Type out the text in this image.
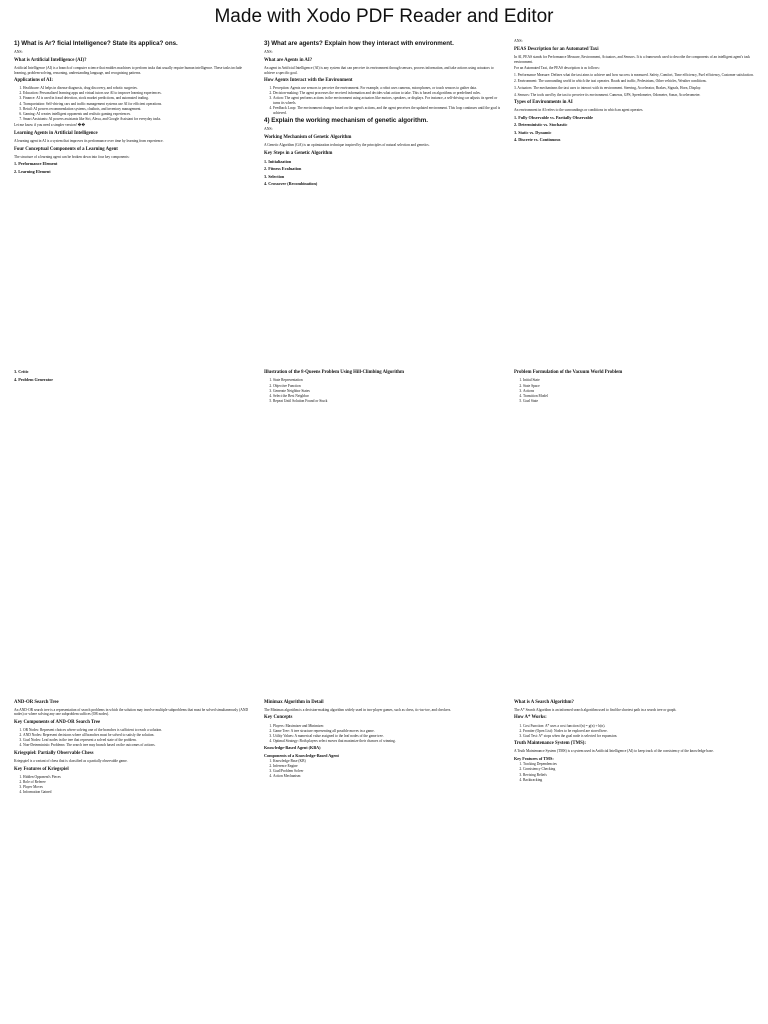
Made with Xodo PDF Reader and Editor
1) What is Ar? ficial Intelligence? State its applica? ons.

ANS:

What is Artificial Intelligence (AI)?

Artificial Intelligence (AI) is a branch of computer science that enables machines to perform tasks that usually require human intelligence. These tasks include learning, problem-solving, reasoning, understanding language, and recognizing patterns.

Applications of AI:
1. Healthcare: AI helps in disease diagnosis, drug discovery, and robotic surgeries.
2. Education: Personalized learning apps and virtual tutors use AI to improve learning experiences.
3. Finance: AI is used in fraud detection, stock market predictions, and automated trading.
4. Transportation: Self-driving cars and traffic management systems use AI for efficient operations.
5. Retail: AI powers recommendation systems, chatbots, and inventory management.
6. Gaming: AI creates intelligent opponents and realistic gaming experiences.
7. Smart Assistants: AI powers assistants like Siri, Alexa, and Google Assistant for everyday tasks.

Let me know if you need a simpler version! ��

Learning Agents in Artificial Intelligence

A learning agent in AI is a system that improves its performance over time by learning from experience.

Four Conceptual Components of a Learning Agent

The structure of a learning agent can be broken down into four key components:

1. Performance Element
2. Learning Element
3) What are agents? Explain how they interact with environment.

ANS:

What are Agents in AI?

An agent in Artificial Intelligence (AI) is any system that can perceive its environment through sensors, process information, and take actions using actuators to achieve a specific goal.

How Agents Interact with the Environment
1. Perception: Agents use sensors to perceive the environment. For example, a robot uses cameras, microphones, or touch sensors to gather data.
2. Decision-making: The agent processes the received information and decides what action to take. This is based on algorithms or predefined rules.
3. Action: The agent performs actions in the environment using actuators like motors, speakers, or displays. For instance, a self-driving car adjusts its speed or turns its wheels.
4. Feedback Loop: The environment changes based on the agent's actions, and the agent perceives the updated environment. This loop continues until the goal is achieved.
4) Explain the working mechanism of genetic algorithm.

ANS:

Working Mechanism of Genetic Algorithm

A Genetic Algorithm (GA) is an optimization technique inspired by the principles of natural selection and genetics.

Key Steps in a Genetic Algorithm
1. Initialization
2. Fitness Evaluation
3. Selection
4. Crossover (Recombination)

ANS:

PEAS Description for an Automated Taxi

In AI, PEAS stands for Performance Measure, Environment, Actuators, and Sensors. It is a framework used to describe the components of an intelligent agent's task environment.

For an Automated Taxi, the PEAS description is as follows:

1. Performance Measure: Defines what the taxi aims to achieve and how success is measured. Safety, Comfort, Time efficiency, Fuel efficiency, Customer satisfaction.

2. Environment: The surrounding world in which the taxi operates. Roads and traffic, Pedestrians, Other vehicles, Weather conditions.

3. Actuators: The mechanisms the taxi uses to interact with its environment. Steering, Accelerator, Brakes, Signals, Horn, Display.

4. Sensors: The tools used by the taxi to perceive its environment. Cameras, GPS, Speedometer, Odometer, Sonar, Accelerometer.

Types of Environments in AI

An environment in AI refers to the surroundings or conditions in which an agent operates.

1. Fully Observable vs. Partially Observable
2. Deterministic vs. Stochastic
3. Static vs. Dynamic
4. Discrete vs. Continuous
3. Critic
4. Problem Generator
Illustration of the 8-Queens Problem Using Hill-Climbing Algorithm
1. State Representation
2. Objective Function
3. Generate Neighbor States
4. Select the Best Neighbor
5. Repeat Until Solution Found or Stuck
Problem Formulation of the Vacuum World Problem
1. Initial State
2. State Space
3. Actions
4. Transition Model
5. Goal State
AND-OR Search Tree

An AND-OR search tree is a representation of search problems in which the solution may involve multiple subproblems that must be solved simultaneously (AND nodes) or where solving any one subproblem suffices (OR nodes).

Key Components of AND-OR Search Tree
1. OR Nodes: Represent choices where solving one of the branches is sufficient to reach a solution.
2. AND Nodes: Represent decisions where all branches must be solved to satisfy the solution.
3. Goal Nodes: Leaf nodes in the tree that represent a solved state of the problem.
4. Non-Deterministic Problems: The search tree may branch based on the outcomes of actions.
Kriegspiel: Partially Observable Chess

Kriegspiel is a variant of chess that is classified as a partially observable game.

Key Features of Kriegspiel
1. Hidden Opponent's Pieces
2. Role of Referee
3. Player Moves
4. Information Gained
Minimax Algorithm in Detail

The Minimax algorithm is a decision-making algorithm widely used in two-player games, such as chess, tic-tac-toe, and checkers.

Key Concepts
1. Players: Maximizer and Minimizer.
2. Game Tree: A tree structure representing all possible moves in a game.
3. Utility Values: A numerical value assigned to the leaf nodes of the game tree.
4. Optimal Strategy: Both players select moves that maximize their chances of winning.
Knowledge-Based Agent (KBA)
Components of a Knowledge-Based Agent
1. Knowledge Base (KB)
2. Inference Engine
3. Goal/Problem Solver
4. Action Mechanism
What is A Search Algorithm?

The A* Search Algorithm is an informed search algorithm used to find the shortest path in a search tree or graph.

How A* Works:
1. Cost Function: A* uses a cost function f(n) = g(n) + h(n).
2. Frontier (Open List): Nodes to be explored are stored here.
3. Goal Test: A* stops when the goal node is selected for expansion.
Truth Maintenance System (TMS):

A Truth Maintenance System (TMS) is a system used in Artificial Intelligence (AI) to keep track of the consistency of the knowledge base.

Key Features of TMS:
1. Tracking Dependencies
2. Consistency Checking
3. Revising Beliefs
4. Backtracking
